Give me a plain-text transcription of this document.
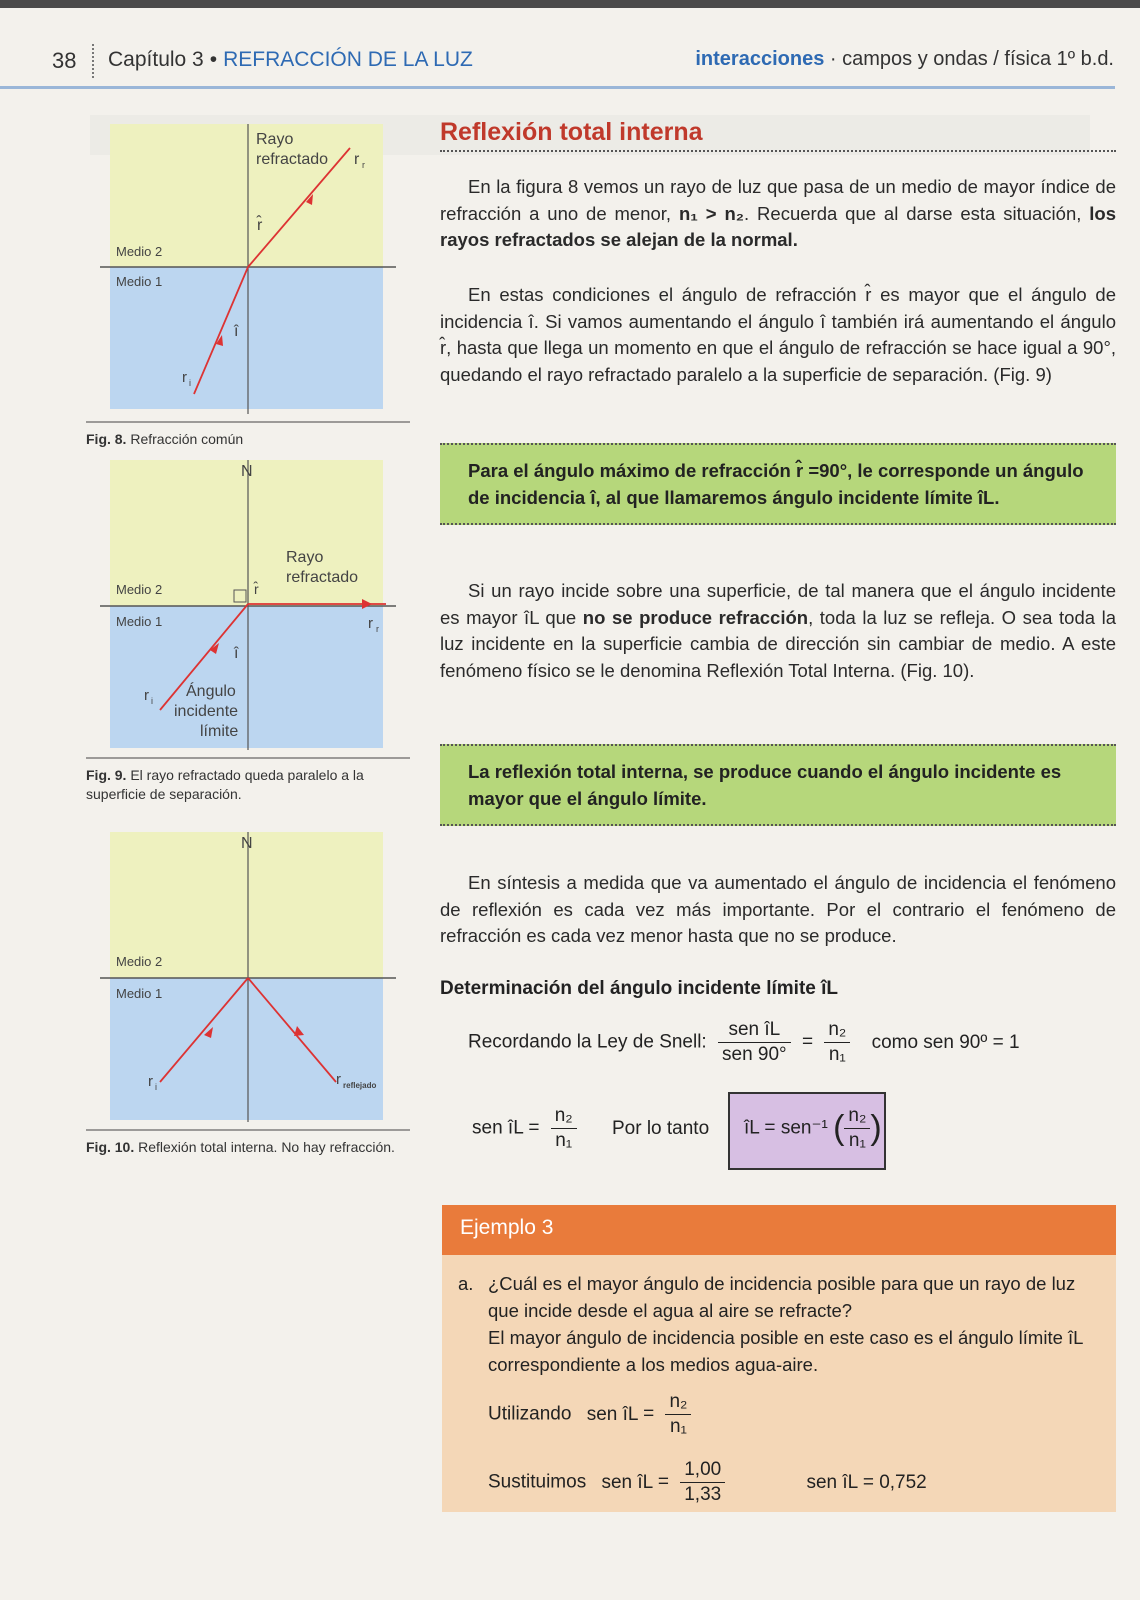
38 Capítulo 3 • REFRACCIÓN DE LA LUZ	interacciones · campos y ondas / física 1º b.d.
Rayo
refractado r r
r̂
Medio 2
Medio 1
î
r i
Fig. 8. Refracción común
N
Rayo
refractado
r̂
Medio 2
Medio 1	r r
î
r i
Ángulo
incidente
límite
Fig. 9. El rayo refractado queda paralelo a la superficie de separación.
N
Medio 2
Medio 1
r i	r reflejado
Fig. 10. Reflexión total interna. No hay refracción.
Reflexión total interna

En la figura 8 vemos un rayo de luz que pasa de un medio de mayor índice de refracción a uno de menor, n₁ > n₂. Recuerda que al darse esta situación, los rayos refractados se alejan de la normal.

En estas condiciones el ángulo de refracción r̂ es mayor que el ángulo de incidencia î. Si vamos aumentando el ángulo î también irá aumentando el ángulo r̂, hasta que llega un momento en que el ángulo de refracción se hace igual a 90°, quedando el rayo refractado paralelo a la superficie de separación. (Fig. 9)

Para el ángulo máximo de refracción r̂ =90°, le corresponde un ángulo de incidencia î, al que llamaremos ángulo incidente límite îL.

Si un rayo incide sobre una superficie, de tal manera que el ángulo incidente es mayor îL que no se produce refracción, toda la luz se refleja. O sea toda la luz incidente en la superficie cambia de dirección sin cambiar de medio. A este fenómeno físico se le denomina Reflexión Total Interna. (Fig. 10).

La reflexión total interna, se produce cuando el ángulo incidente es mayor que el ángulo límite.

En síntesis a medida que va aumentado el ángulo de incidencia el fenómeno de reflexión es cada vez más importante. Por el contrario el fenómeno de refracción es cada vez menor hasta que no se produce.

Determinación del ángulo incidente límite îL
Recordando la Ley de Snell: $\frac{\text{sen îL}}{\text{sen 90°}} = \frac{\text{n₂}}{\text{n₁}}$ como sen 90º = 1
sen îL = $\frac{\text{n₂}}{\text{n₁}}$ Por lo tanto îL = sen⁻¹ ( $\frac{\text{n₂}}{\text{n₁}}$ )
Ejemplo 3
a. ¿Cuál es el mayor ángulo de incidencia posible para que un rayo de luz que incide desde el agua al aire se refracte?
El mayor ángulo de incidencia posible en este caso es el ángulo límite îL correspondiente a los medios agua-aire.
Utilizando sen îL = $\frac{\text{n₂}}{\text{n₁}}$
Sustituimos sen îL = $\frac{1,00}{1,33}$	sen îL = 0,752
